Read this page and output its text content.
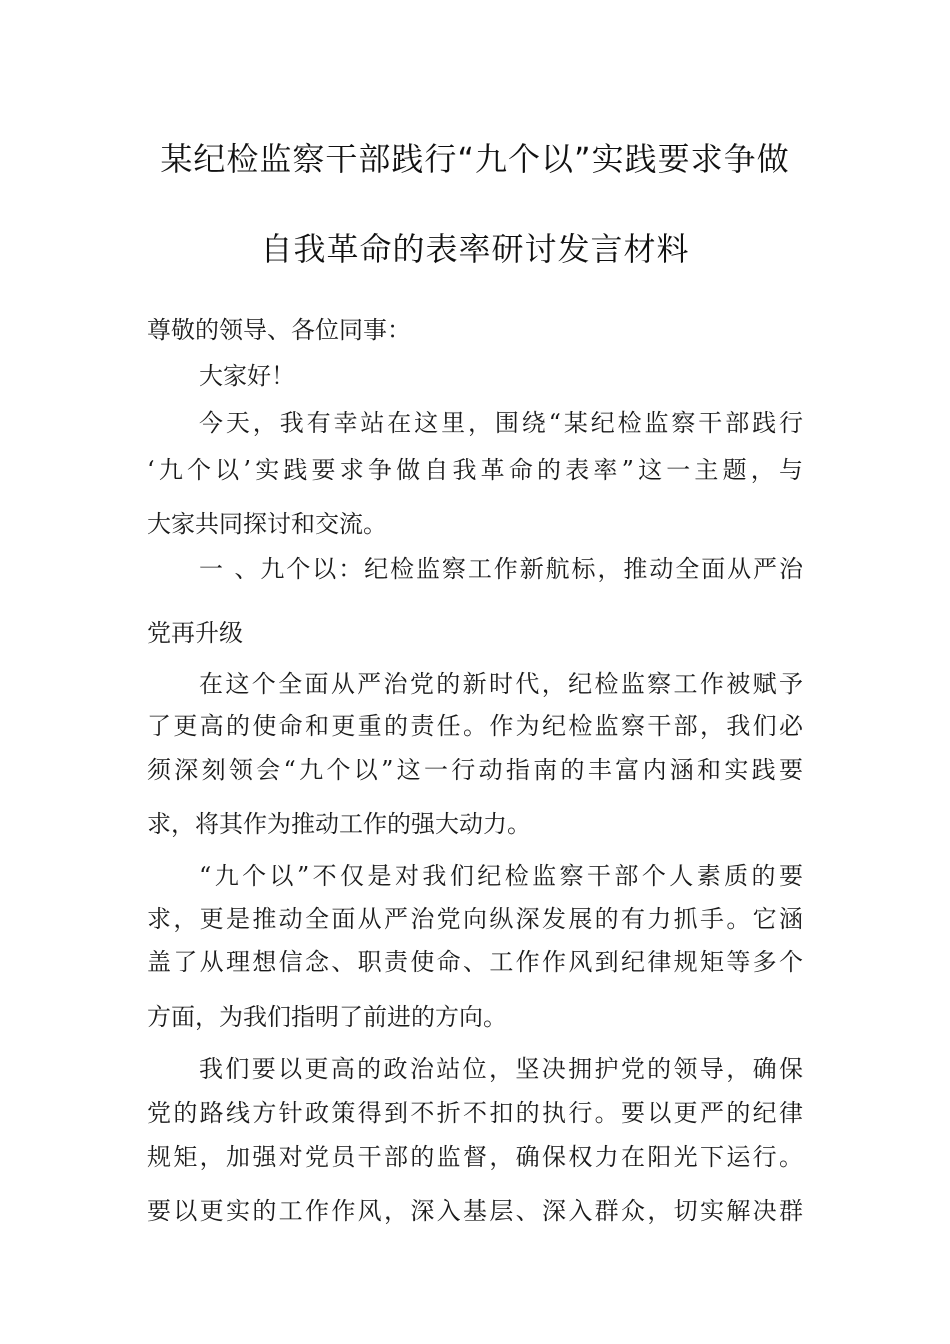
某纪检监察干部践行“九个以”实践要求争做
自我革命的表率研讨发言材料
尊敬的领导、各位同事：
大家好！
今天，我有幸站在这里，围绕“某纪检监察干部践行
‘九个以’实践要求争做自我革命的表率”这一主题，与
大家共同探讨和交流。
一 、九个以：纪检监察工作新航标，推动全面从严治
党再升级
在这个全面从严治党的新时代，纪检监察工作被赋予
了更高的使命和更重的责任。作为纪检监察干部，我们必
须深刻领会“九个以”这一行动指南的丰富内涵和实践要
求，将其作为推动工作的强大动力。
“九个以”不仅是对我们纪检监察干部个人素质的要
求，更是推动全面从严治党向纵深发展的有力抓手。它涵
盖了从理想信念、职责使命、工作作风到纪律规矩等多个
方面，为我们指明了前进的方向。
我们要以更高的政治站位，坚决拥护党的领导，确保
党的路线方针政策得到不折不扣的执行。要以更严的纪律
规矩，加强对党员干部的监督，确保权力在阳光下运行。
要以更实的工作作风，深入基层、深入群众，切实解决群
